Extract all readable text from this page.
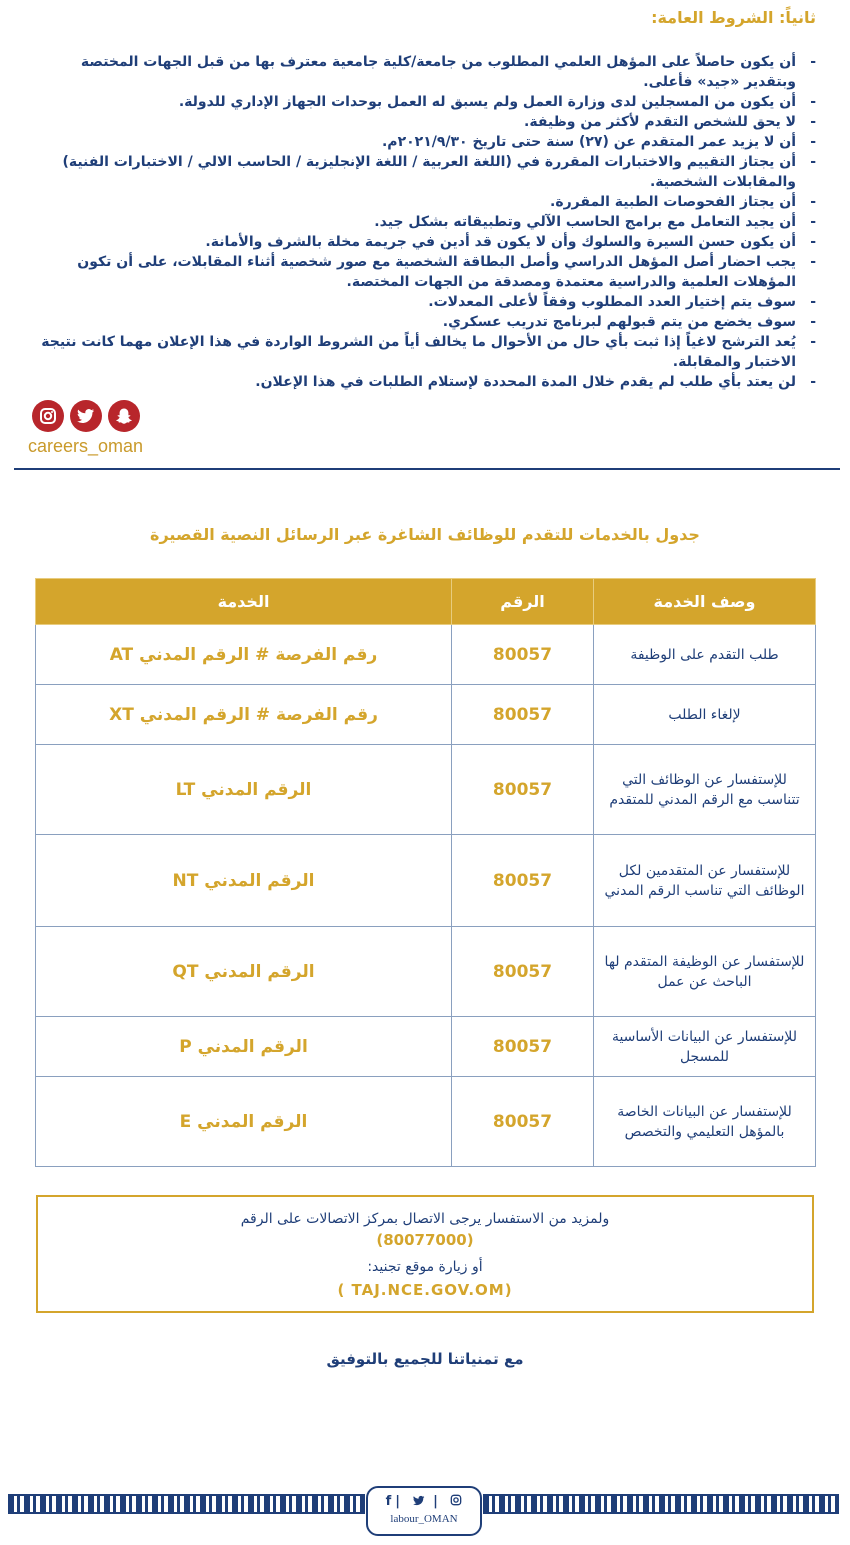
ثانياً: الشروط العامة:
- أن يكون حاصلاً على المؤهل العلمي المطلوب من جامعة/كلية جامعية معترف بها من قبل الجهات المختصة وبتقدير «جيد» فأعلى.
- أن يكون من المسجلين لدى وزارة العمل ولم يسبق له العمل بوحدات الجهاز الإداري للدولة.
- لا يحق للشخص التقدم لأكثر من وظيفة.
- أن لا يزيد عمر المتقدم عن (٢٧) سنة حتى تاريخ ٢٠٢١/٩/٣٠م.
- أن يجتاز التقييم والاختبارات المقررة في (اللغة العربية / اللغة الإنجليزية / الحاسب الالي / الاختبارات الفنية) والمقابلات الشخصية.
- أن يجتاز الفحوصات الطبية المقررة.
- أن يجيد التعامل مع برامج الحاسب الآلي وتطبيقاته بشكل جيد.
- أن يكون حسن السيرة والسلوك وأن لا يكون قد أدين في جريمة مخلة بالشرف والأمانة.
- يجب احضار أصل المؤهل الدراسي وأصل البطاقة الشخصية مع صور شخصية أثناء المقابلات، على أن تكون المؤهلات العلمية والدراسية معتمدة ومصدقة من الجهات المختصة.
- سوف يتم إختيار العدد المطلوب وفقاً لأعلى المعدلات.
- سوف يخضع من يتم قبولهم لبرنامج تدريب عسكري.
- يُعد الترشح لاغياً إذا ثبت بأي حال من الأحوال ما يخالف أياً من الشروط الواردة في هذا الإعلان مهما كانت نتيجة الاختبار والمقابلة.
- لن يعتد بأي طلب لم يقدم خلال المدة المحددة لإستلام الطلبات في هذا الإعلان.
careers_oman
جدول بالخدمات للتقدم للوظائف الشاغرة عبر الرسائل النصية القصيرة
وصف الخدمة	الرقم	الخدمة
طلب التقدم على الوظيفة	80057	رقم الفرصة # الرقم المدني AT
لإلغاء الطلب	80057	رقم الفرصة # الرقم المدني XT
للإستفسار عن الوظائف التي تتناسب مع الرقم المدني للمتقدم	80057	الرقم المدني LT
للإستفسار عن المتقدمين لكل الوظائف التي تناسب الرقم المدني	80057	الرقم المدني NT
للإستفسار عن الوظيفة المتقدم لها الباحث عن عمل	80057	الرقم المدني QT
للإستفسار عن البيانات الأساسية للمسجل	80057	الرقم المدني P
للإستفسار عن البيانات الخاصة بالمؤهل التعليمي والتخصص	80057	الرقم المدني E
ولمزيد من الاستفسار يرجى الاتصال بمركز الاتصالات على الرقم
(80077000)
أو زيارة موقع تجنيد:
( TAJ.NCE.GOV.OM)
مع تمنياتنا للجميع بالتوفيق
f| |
labour_OMAN
